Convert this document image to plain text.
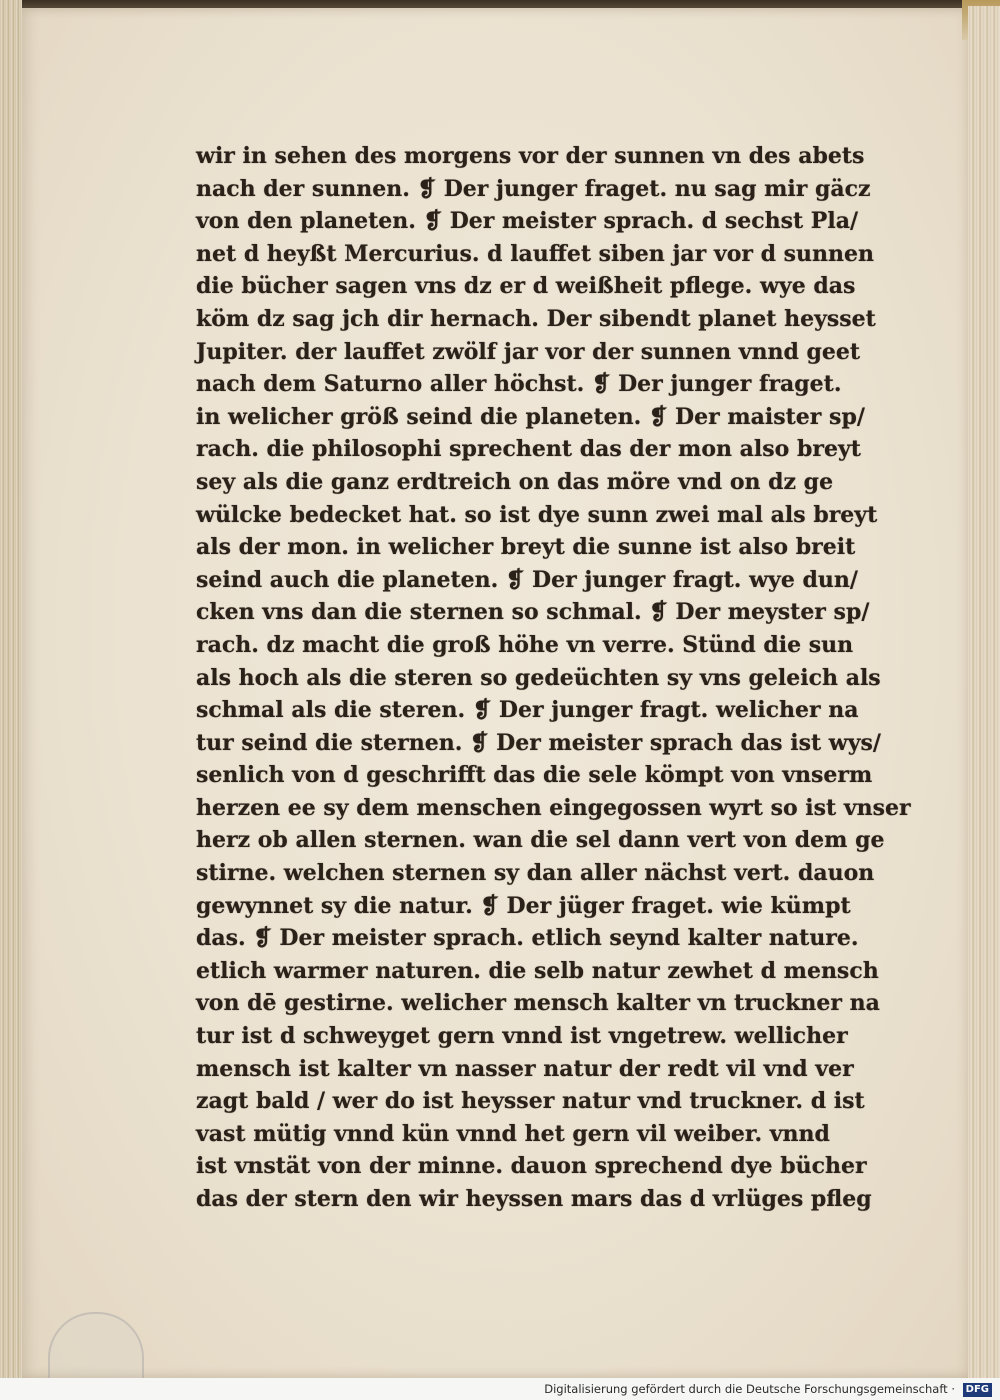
wir in sehen des morgens vor der sunnen vn des abets
nach der sunnen. ❡ Der junger fraget. nu sag mir gäcz
von den planeten. ❡ Der meister sprach. d sechst Pla/
net d heyßt Mercurius. d lauffet siben jar vor d sunnen
die bücher sagen vns dz er d weißheit pflege. wye das
köm dz sag jch dir hernach. Der sibendt planet heysset
Jupiter. der lauffet zwölf jar vor der sunnen vnnd geet
nach dem Saturno aller höchst. ❡ Der junger fraget.
in welicher größ seind die planeten. ❡ Der maister sp/
rach. die philosophi sprechent das der mon also breyt
sey als die ganz erdtreich on das möre vnd on dz ge
wülcke bedecket hat. so ist dye sunn zwei mal als breyt
als der mon. in welicher breyt die sunne ist also breit
seind auch die planeten. ❡ Der junger fragt. wye dun/
cken vns dan die sternen so schmal. ❡ Der meyster sp/
rach. dz macht die groß höhe vn verre. Stünd die sun
als hoch als die steren so gedeüchten sy vns geleich als
schmal als die steren. ❡ Der junger fragt. welicher na
tur seind die sternen. ❡ Der meister sprach das ist wys/
senlich von d geschrifft das die sele kömpt von vnserm
herzen ee sy dem menschen eingegossen wyrt so ist vnser
herz ob allen sternen. wan die sel dann vert von dem ge
stirne. welchen sternen sy dan aller nächst vert. dauon
gewynnet sy die natur. ❡ Der jüger fraget. wie kümpt
das. ❡ Der meister sprach. etlich seynd kalter nature.
etlich warmer naturen. die selb natur zewhet d mensch
von dē gestirne. welicher mensch kalter vn truckner na
tur ist d schweyget gern vnnd ist vngetrew. wellicher
mensch ist kalter vn nasser natur der redt vil vnd ver
zagt bald / wer do ist heysser natur vnd truckner. d ist
vast mütig vnnd kün vnnd het gern vil weiber. vnnd
ist vnstät von der minne. dauon sprechend dye bücher
das der stern den wir heyssen mars das d vrlüges pfleg
Digitalisierung gefördert durch die Deutsche Forschungsgemeinschaft · DFG
